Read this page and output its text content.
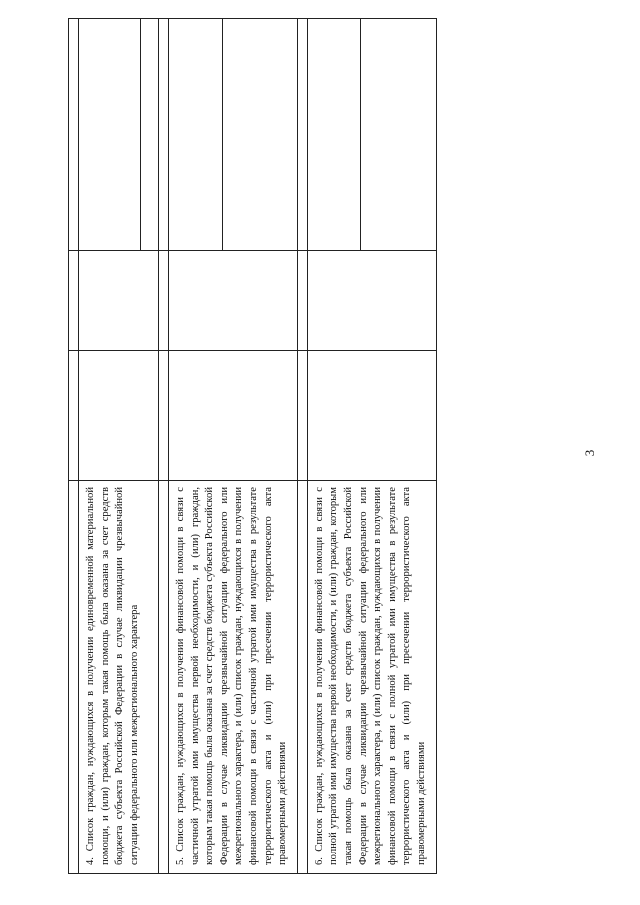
3

4. Список граждан, нуждающихся в получении единовременной материальной помощи, и (или) граждан, которым такая помощь была оказана за счет средств бюджета субъекта Российской Федерации в случае ликвидации чрезвычайной ситуации федерального или межрегионального характера			

5. Список граждан, нуждающихся в получении финансовой помощи в связи с частичной утратой ими имущества первой необходимости, и (или) граждан, которым такая помощь была оказана за счет средств бюджета субъекта Российской Федерации в случае ликвидации чрезвычайной ситуации федерального или межрегионального характера, и (или) список граждан, нуждающихся в получении финансовой помощи в связи с частичной утратой ими имущества в результате террористического акта и (или) при пресечении террористического акта правомерными действиями			

6. Список граждан, нуждающихся в получении финансовой помощи в связи с полной утратой ими имущества первой необходимости, и (или) граждан, которым такая помощь была оказана за счет средств бюджета субъекта Российской Федерации в случае ликвидации чрезвычайной ситуации федерального или межрегионального характера, и (или) список граждан, нуждающихся в получении финансовой помощи в связи с полной утратой ими имущества в результате террористического акта и (или) при пресечении террористического акта правомерными действиями			
